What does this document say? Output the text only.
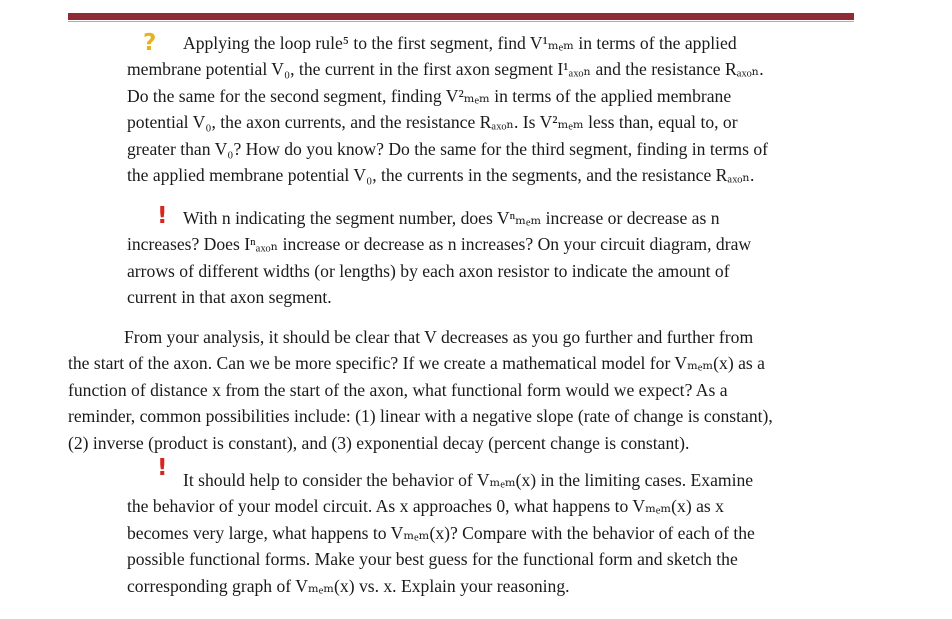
?	Applying the loop rule⁵ to the first segment, find V¹ₘₑₘ in terms of the applied
membrane potential V₀, the current in the first axon segment I¹ₐₓₒₙ and the resistance Rₐₓₒₙ.
Do the same for the second segment, finding V²ₘₑₘ in terms of the applied membrane
potential V₀, the axon currents, and the resistance Rₐₓₒₙ. Is V²ₘₑₘ less than, equal to, or
greater than V₀? How do you know? Do the same for the third segment, finding in terms of
the applied membrane potential V₀, the currents in the segments, and the resistance Rₐₓₒₙ.

! With n indicating the segment number, does Vⁿₘₑₘ increase or decrease as n
increases? Does Iⁿₐₓₒₙ increase or decrease as n increases? On your circuit diagram, draw
arrows of different widths (or lengths) by each axon resistor to indicate the amount of
current in that axon segment.

From your analysis, it should be clear that V decreases as you go further and further from
the start of the axon. Can we be more specific? If we create a mathematical model for Vₘₑₘ(x) as a
function of distance x from the start of the axon, what functional form would we expect? As a
reminder, common possibilities include: (1) linear with a negative slope (rate of change is constant),
(2) inverse (product is constant), and (3) exponential decay (percent change is constant).

! It should help to consider the behavior of Vₘₑₘ(x) in the limiting cases. Examine
the behavior of your model circuit. As x approaches 0, what happens to Vₘₑₘ(x) as x
becomes very large, what happens to Vₘₑₘ(x)? Compare with the behavior of each of the
possible functional forms. Make your best guess for the functional form and sketch the
corresponding graph of Vₘₑₘ(x) vs. x. Explain your reasoning.
